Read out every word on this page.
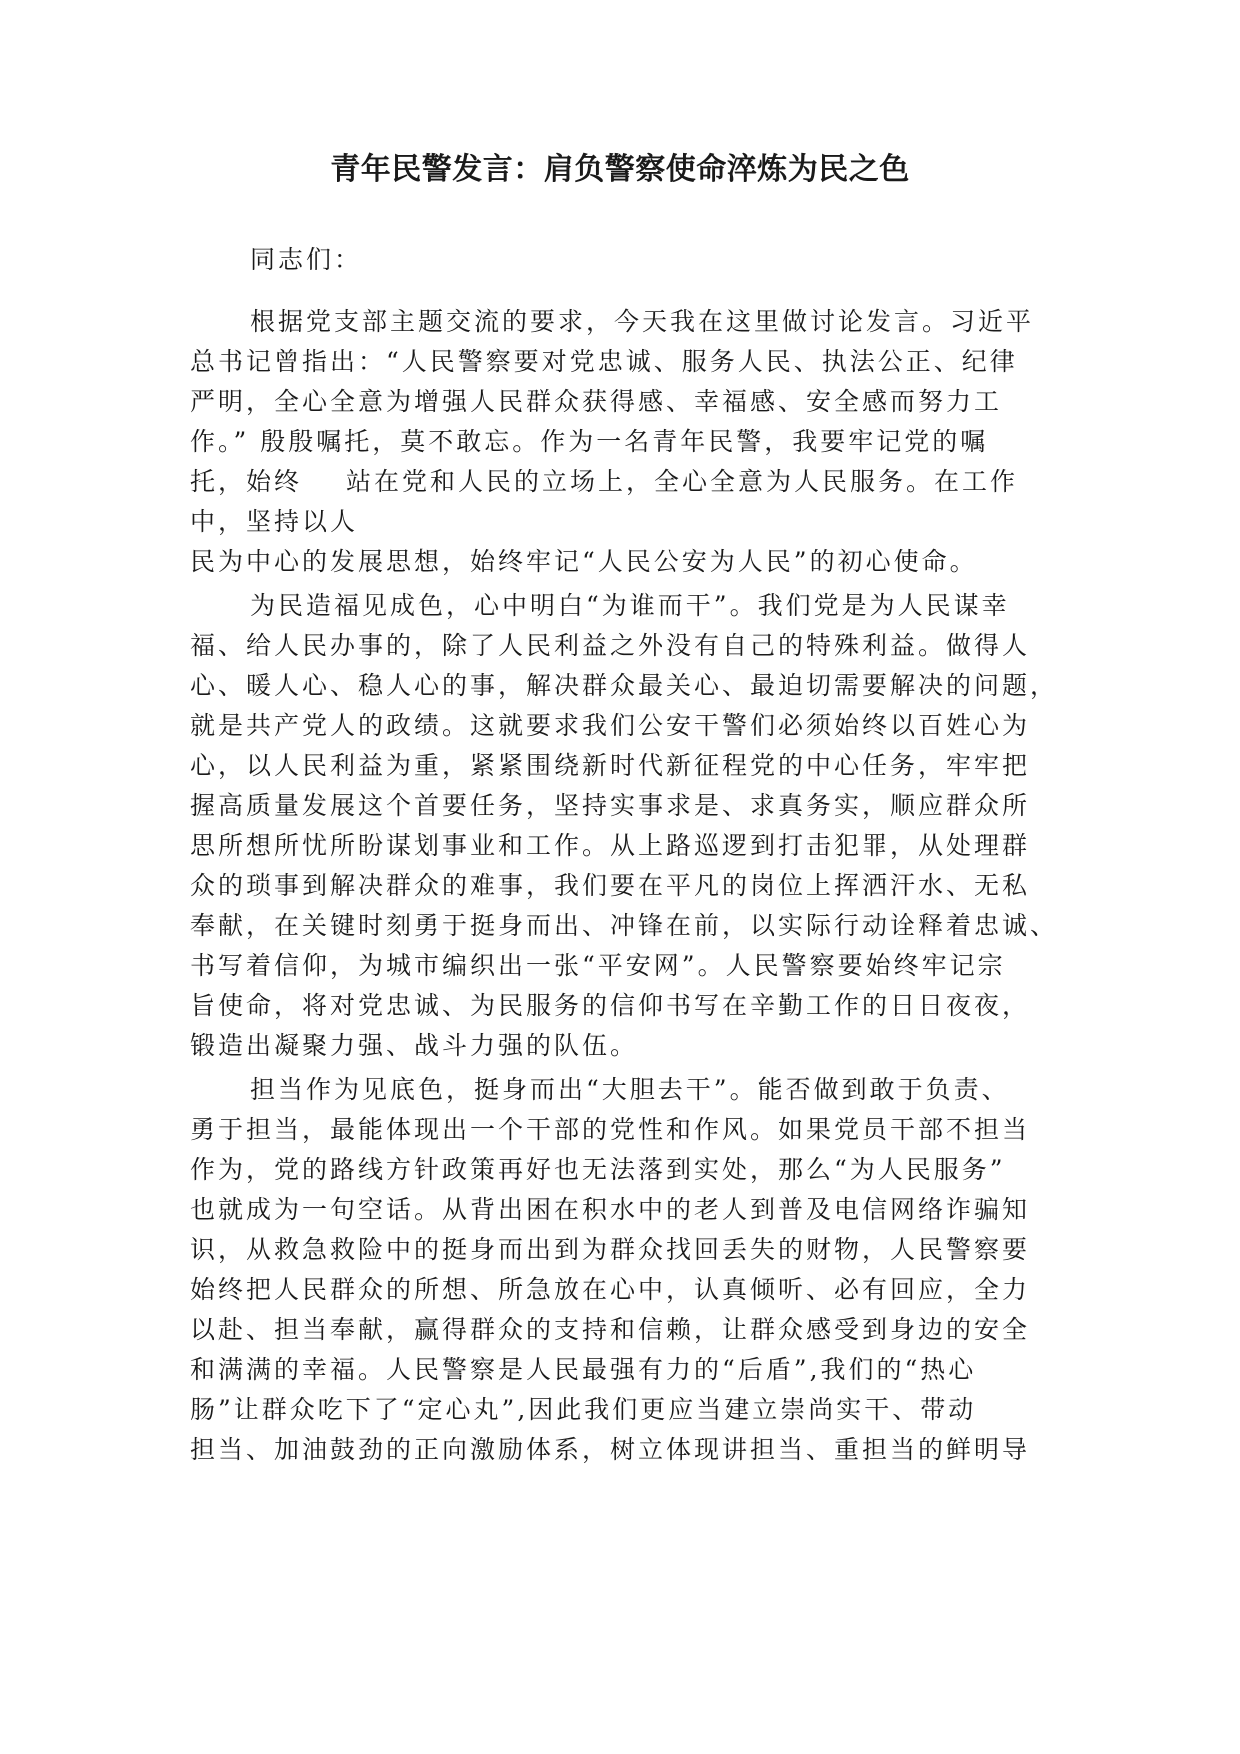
青年民警发言：肩负警察使命淬炼为民之色

同志们：

根据党支部主题交流的要求，今天我在这里做讨论发言。习近平
总书记曾指出：“人民警察要对党忠诚、服务人民、执法公正、纪律
严明，全心全意为增强人民群众获得感、幸福感、安全感而努力工
作。” 殷殷嘱托，莫不敢忘。作为一名青年民警，我要牢记党的嘱
托，始终 站在党和人民的立场上，全心全意为人民服务。在工作
中，坚持以人
民为中心的发展思想，始终牢记“人民公安为人民”的初心使命。

为民造福见成色，心中明白“为谁而干”。我们党是为人民谋幸
福、给人民办事的，除了人民利益之外没有自己的特殊利益。做得人
心、暖人心、稳人心的事，解决群众最关心、最迫切需要解决的问题，
就是共产党人的政绩。这就要求我们公安干警们必须始终以百姓心为
心，以人民利益为重，紧紧围绕新时代新征程党的中心任务，牢牢把
握高质量发展这个首要任务，坚持实事求是、求真务实，顺应群众所
思所想所忧所盼谋划事业和工作。从上路巡逻到打击犯罪，从处理群
众的琐事到解决群众的难事，我们要在平凡的岗位上挥洒汗水、无私
奉献，在关键时刻勇于挺身而出、冲锋在前，以实际行动诠释着忠诚、
书写着信仰，为城市编织出一张“平安网”。人民警察要始终牢记宗
旨使命，将对党忠诚、为民服务的信仰书写在辛勤工作的日日夜夜，
锻造出凝聚力强、战斗力强的队伍。

担当作为见底色，挺身而出“大胆去干”。能否做到敢于负责、
勇于担当，最能体现出一个干部的党性和作风。如果党员干部不担当
作为，党的路线方针政策再好也无法落到实处，那么“为人民服务”
也就成为一句空话。从背出困在积水中的老人到普及电信网络诈骗知
识，从救急救险中的挺身而出到为群众找回丢失的财物，人民警察要
始终把人民群众的所想、所急放在心中，认真倾听、必有回应，全力
以赴、担当奉献，赢得群众的支持和信赖，让群众感受到身边的安全
和满满的幸福。人民警察是人民最强有力的“后盾”,我们的“热心
肠”让群众吃下了“定心丸”,因此我们更应当建立崇尚实干、带动
担当、加油鼓劲的正向激励体系，树立体现讲担当、重担当的鲜明导
